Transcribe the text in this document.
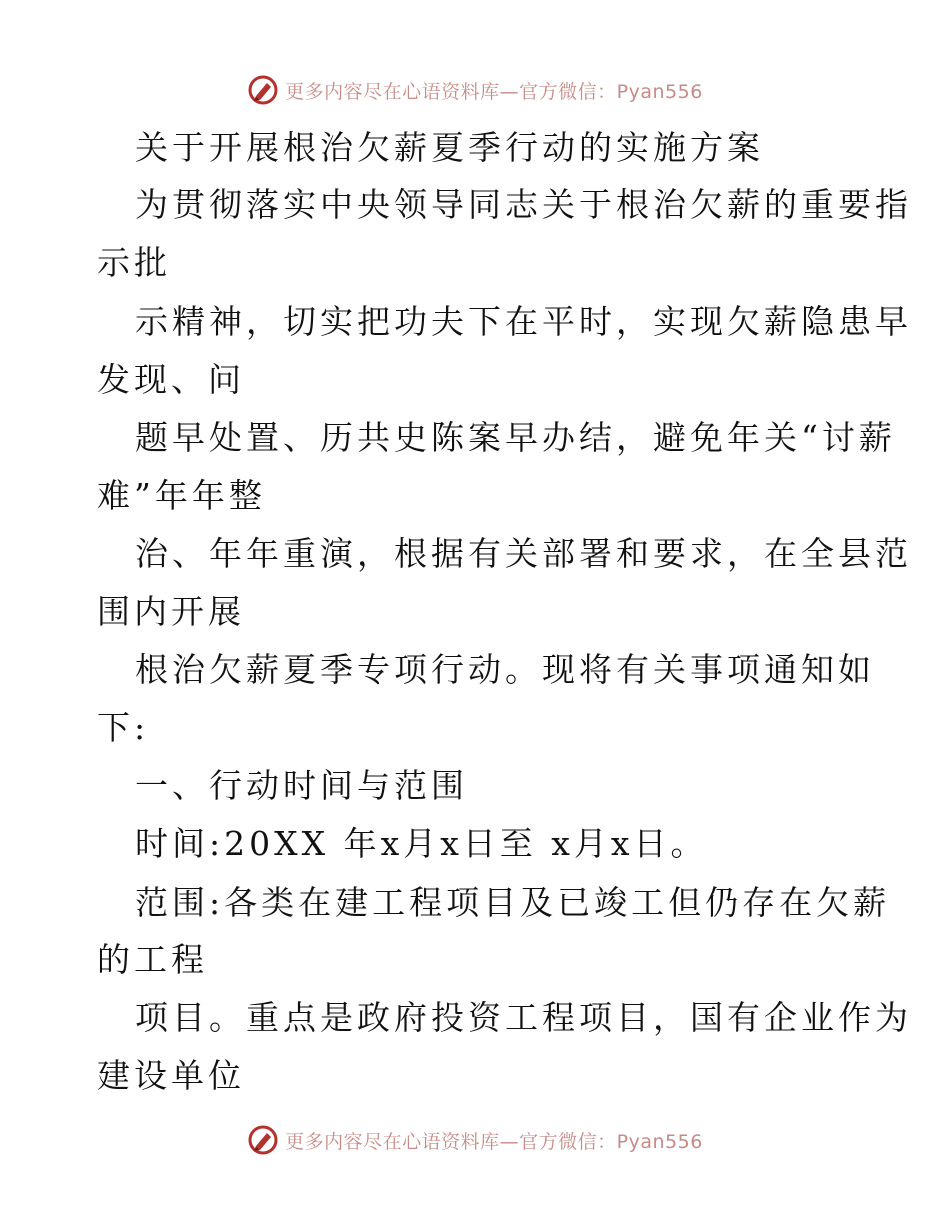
更多内容尽在心语资料库—官方微信：Pyan556
关于开展根治欠薪夏季行动的实施方案
为贯彻落实中央领导同志关于根治欠薪的重要指
示批
示精神，切实把功夫下在平时，实现欠薪隐患早
发现、问
题早处置、历共史陈案早办结，避免年关“讨薪
难”年年整
治、年年重演，根据有关部署和要求，在全县范
围内开展
根治欠薪夏季专项行动。现将有关事项通知如
下:
一、行动时间与范围
时间:20XX 年x月x日至 x月x日。
范围:各类在建工程项目及已竣工但仍存在欠薪
的工程
项目。重点是政府投资工程项目，国有企业作为
建设单位
更多内容尽在心语资料库—官方微信：Pyan556
